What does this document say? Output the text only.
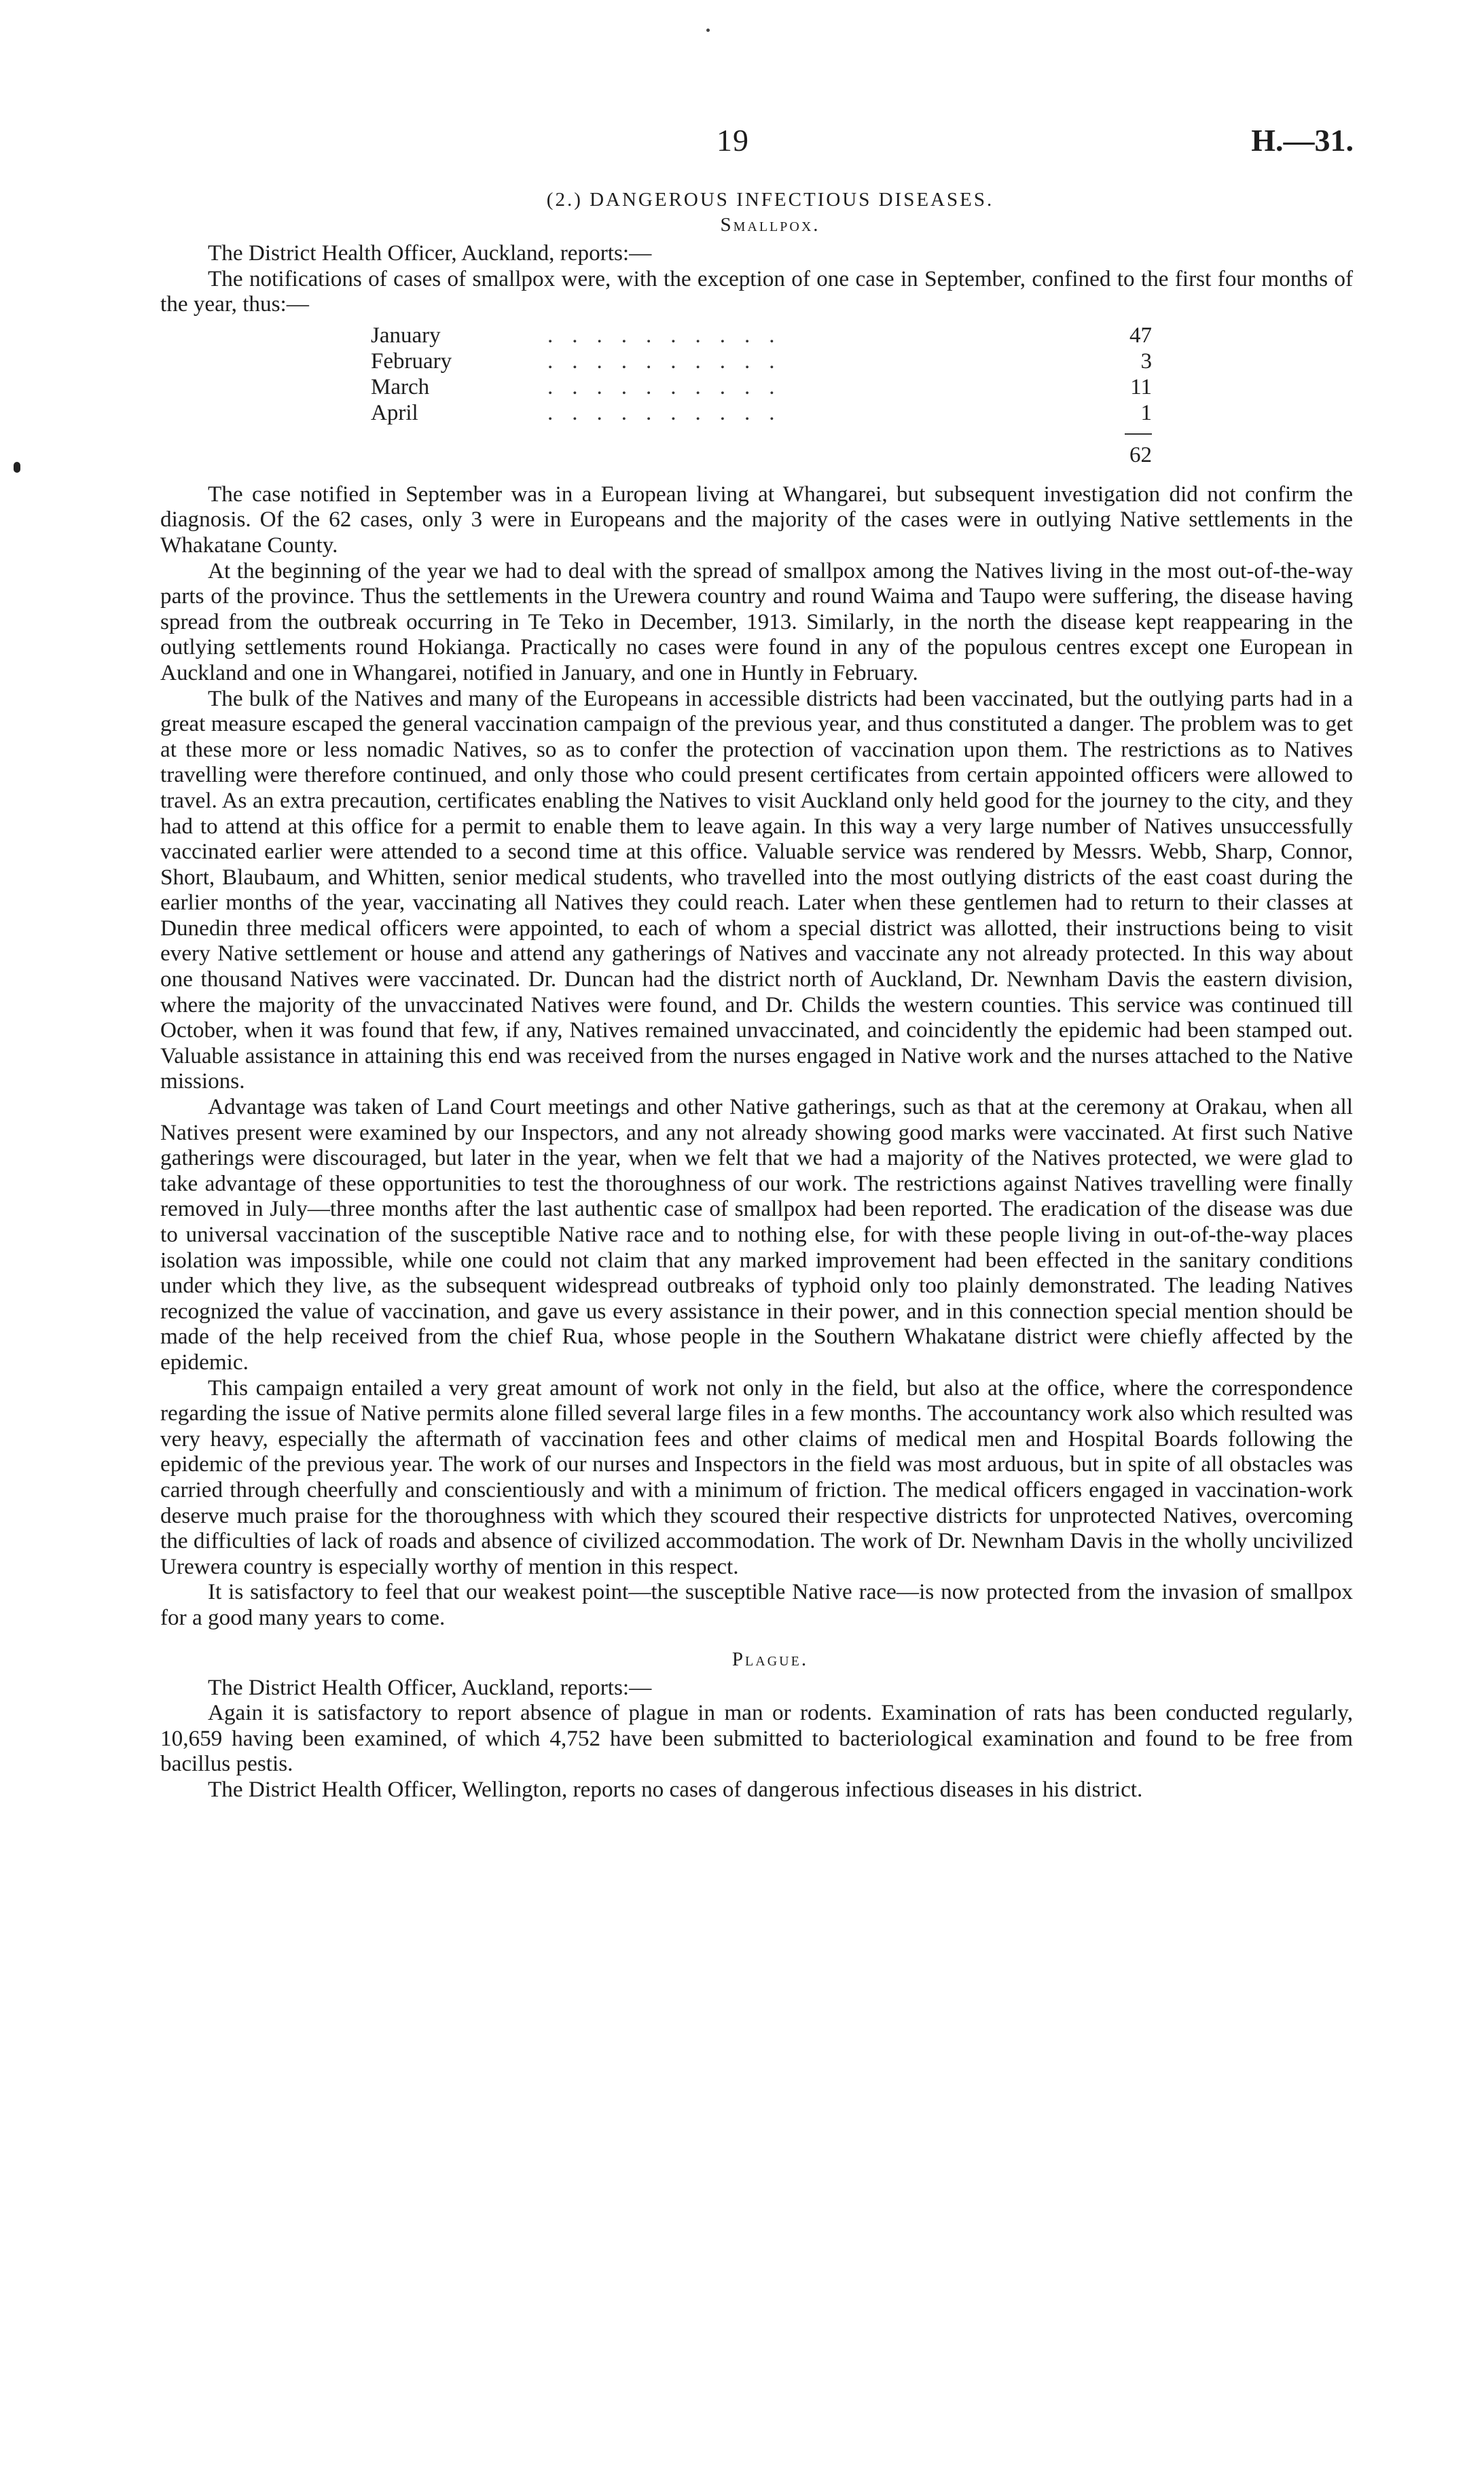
19	H.—31.
(2.) DANGEROUS INFECTIOUS DISEASES.
Smallpox.

The District Health Officer, Auckland, reports:—

The notifications of cases of smallpox were, with the exception of one case in September, confined to the first four months of the year, thus:—

January	..........	47
February	..........	3
March	..........	11
April	..........	1
62

The case notified in September was in a European living at Whangarei, but subsequent investigation did not confirm the diagnosis. Of the 62 cases, only 3 were in Europeans and the majority of the cases were in outlying Native settlements in the Whakatane County.

At the beginning of the year we had to deal with the spread of smallpox among the Natives living in the most out-of-the-way parts of the province. Thus the settlements in the Urewera country and round Waima and Taupo were suffering, the disease having spread from the outbreak occurring in Te Teko in December, 1913. Similarly, in the north the disease kept reappearing in the outlying settlements round Hokianga. Practically no cases were found in any of the populous centres except one European in Auckland and one in Whangarei, notified in January, and one in Huntly in February.

The bulk of the Natives and many of the Europeans in accessible districts had been vaccinated, but the outlying parts had in a great measure escaped the general vaccination campaign of the previous year, and thus constituted a danger. The problem was to get at these more or less nomadic Natives, so as to confer the protection of vaccination upon them. The restrictions as to Natives travelling were therefore continued, and only those who could present certificates from certain appointed officers were allowed to travel. As an extra precaution, certificates enabling the Natives to visit Auckland only held good for the journey to the city, and they had to attend at this office for a permit to enable them to leave again. In this way a very large number of Natives unsuccessfully vaccinated earlier were attended to a second time at this office. Valuable service was rendered by Messrs. Webb, Sharp, Connor, Short, Blaubaum, and Whitten, senior medical students, who travelled into the most outlying districts of the east coast during the earlier months of the year, vaccinating all Natives they could reach. Later when these gentlemen had to return to their classes at Dunedin three medical officers were appointed, to each of whom a special district was allotted, their instructions being to visit every Native settlement or house and attend any gatherings of Natives and vaccinate any not already protected. In this way about one thousand Natives were vaccinated. Dr. Duncan had the district north of Auckland, Dr. Newnham Davis the eastern division, where the majority of the unvaccinated Natives were found, and Dr. Childs the western counties. This service was continued till October, when it was found that few, if any, Natives remained unvaccinated, and coincidently the epidemic had been stamped out. Valuable assistance in attaining this end was received from the nurses engaged in Native work and the nurses attached to the Native missions.

Advantage was taken of Land Court meetings and other Native gatherings, such as that at the ceremony at Orakau, when all Natives present were examined by our Inspectors, and any not already showing good marks were vaccinated. At first such Native gatherings were discouraged, but later in the year, when we felt that we had a majority of the Natives protected, we were glad to take advantage of these opportunities to test the thoroughness of our work. The restrictions against Natives travelling were finally removed in July—three months after the last authentic case of smallpox had been reported. The eradication of the disease was due to universal vaccination of the susceptible Native race and to nothing else, for with these people living in out-of-the-way places isolation was impossible, while one could not claim that any marked improvement had been effected in the sanitary conditions under which they live, as the subsequent widespread outbreaks of typhoid only too plainly demonstrated. The leading Natives recognized the value of vaccination, and gave us every assistance in their power, and in this connection special mention should be made of the help received from the chief Rua, whose people in the Southern Whakatane district were chiefly affected by the epidemic.

This campaign entailed a very great amount of work not only in the field, but also at the office, where the correspondence regarding the issue of Native permits alone filled several large files in a few months. The accountancy work also which resulted was very heavy, especially the aftermath of vaccination fees and other claims of medical men and Hospital Boards following the epidemic of the previous year. The work of our nurses and Inspectors in the field was most arduous, but in spite of all obstacles was carried through cheerfully and conscientiously and with a minimum of friction. The medical officers engaged in vaccination-work deserve much praise for the thoroughness with which they scoured their respective districts for unprotected Natives, overcoming the difficulties of lack of roads and absence of civilized accommodation. The work of Dr. Newnham Davis in the wholly uncivilized Urewera country is especially worthy of mention in this respect.

It is satisfactory to feel that our weakest point—the susceptible Native race—is now protected from the invasion of smallpox for a good many years to come.

Plague.

The District Health Officer, Auckland, reports:—

Again it is satisfactory to report absence of plague in man or rodents. Examination of rats has been conducted regularly, 10,659 having been examined, of which 4,752 have been submitted to bacteriological examination and found to be free from bacillus pestis.

The District Health Officer, Wellington, reports no cases of dangerous infectious diseases in his district.
